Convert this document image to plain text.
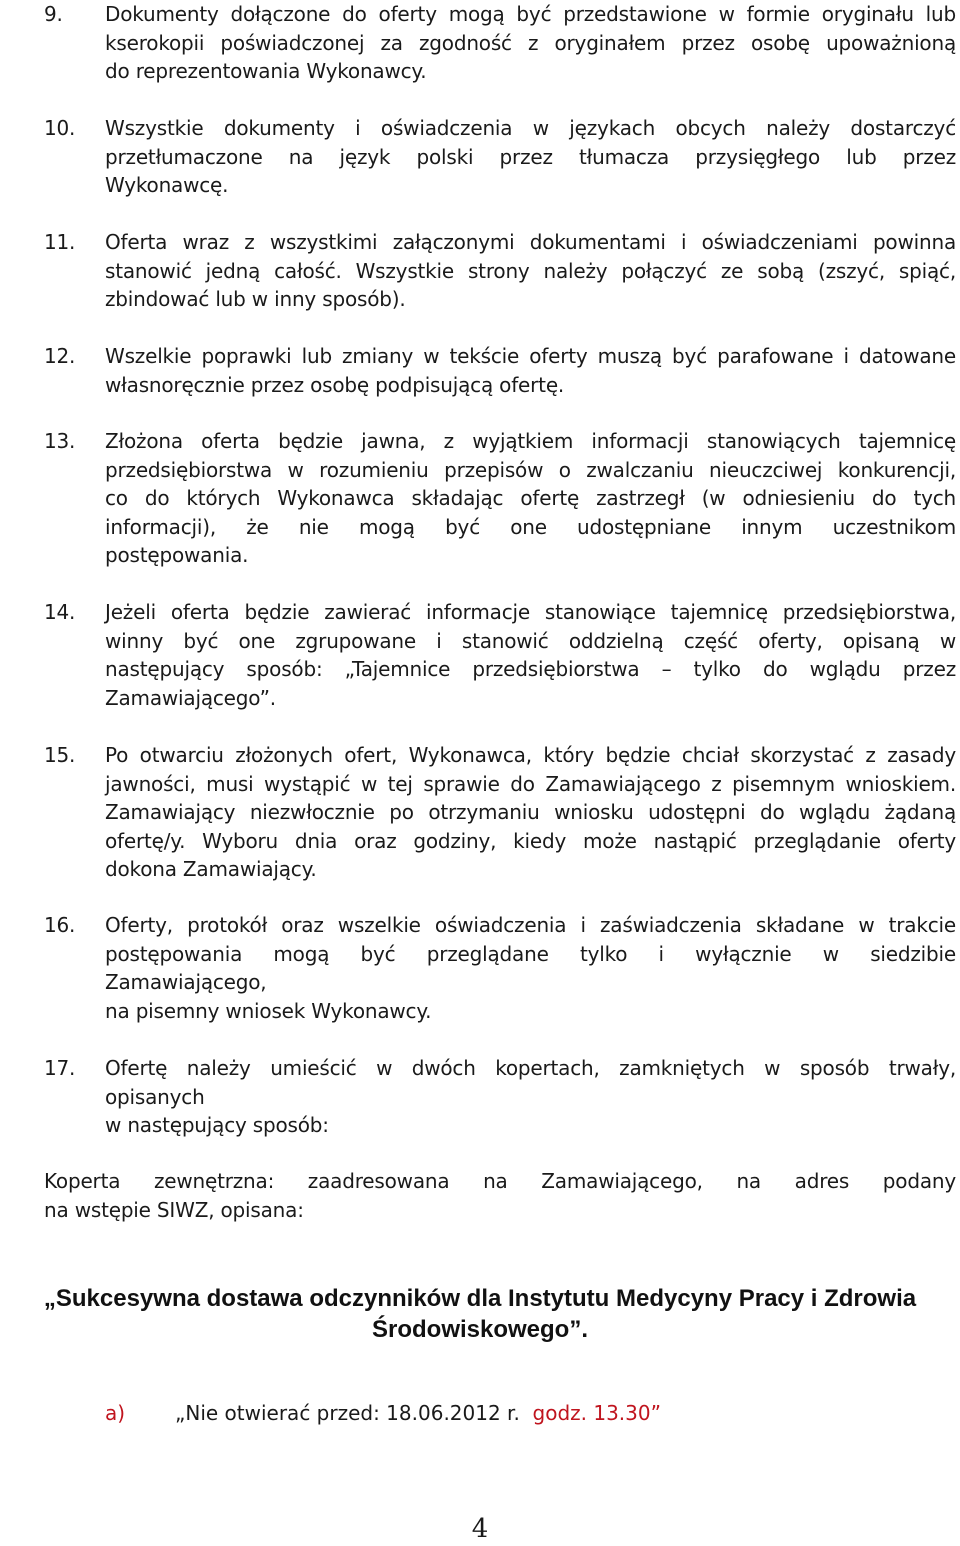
9. Dokumenty dołączone do oferty mogą być przedstawione w formie oryginału lub
kserokopii poświadczonej za zgodność z oryginałem przez osobę upoważnioną
do reprezentowania Wykonawcy.
10. Wszystkie dokumenty i oświadczenia w językach obcych należy dostarczyć
przetłumaczone na język polski przez tłumacza przysięgłego lub przez
Wykonawcę.
11. Oferta wraz z wszystkimi załączonymi dokumentami i oświadczeniami powinna
stanowić jedną całość. Wszystkie strony należy połączyć ze sobą (zszyć, spiąć,
zbindować lub w inny sposób).
12. Wszelkie poprawki lub zmiany w tekście oferty muszą być parafowane i datowane
własnoręcznie przez osobę podpisującą ofertę.
13. Złożona oferta będzie jawna, z wyjątkiem informacji stanowiących tajemnicę
przedsiębiorstwa w rozumieniu przepisów o zwalczaniu nieuczciwej konkurencji,
co do których Wykonawca składając ofertę zastrzegł (w odniesieniu do tych
informacji), że nie mogą być one udostępniane innym uczestnikom
postępowania.
14. Jeżeli oferta będzie zawierać informacje stanowiące tajemnicę przedsiębiorstwa,
winny być one zgrupowane i stanowić oddzielną część oferty, opisaną w
następujący sposób: „Tajemnice przedsiębiorstwa – tylko do wglądu przez
Zamawiającego”.
15. Po otwarciu złożonych ofert, Wykonawca, który będzie chciał skorzystać z zasady
jawności, musi wystąpić w tej sprawie do Zamawiającego z pisemnym wnioskiem.
Zamawiający niezwłocznie po otrzymaniu wniosku udostępni do wglądu żądaną
ofertę/y. Wyboru dnia oraz godziny, kiedy może nastąpić przeglądanie oferty
dokona Zamawiający.
16. Oferty, protokół oraz wszelkie oświadczenia i zaświadczenia składane w trakcie
postępowania mogą być przeglądane tylko i wyłącznie w siedzibie
Zamawiającego,
na pisemny wniosek Wykonawcy.
17. Ofertę należy umieścić w dwóch kopertach, zamkniętych w sposób trwały,
opisanych
w następujący sposób:
Koperta zewnętrzna: zaadresowana na Zamawiającego, na adres podany
na wstępie SIWZ, opisana:
„Sukcesywna dostawa odczynników dla Instytutu Medycyny Pracy i Zdrowia
Środowiskowego”.
a) „Nie otwierać przed: 18.06.2012 r. godz. 13.30”
4
